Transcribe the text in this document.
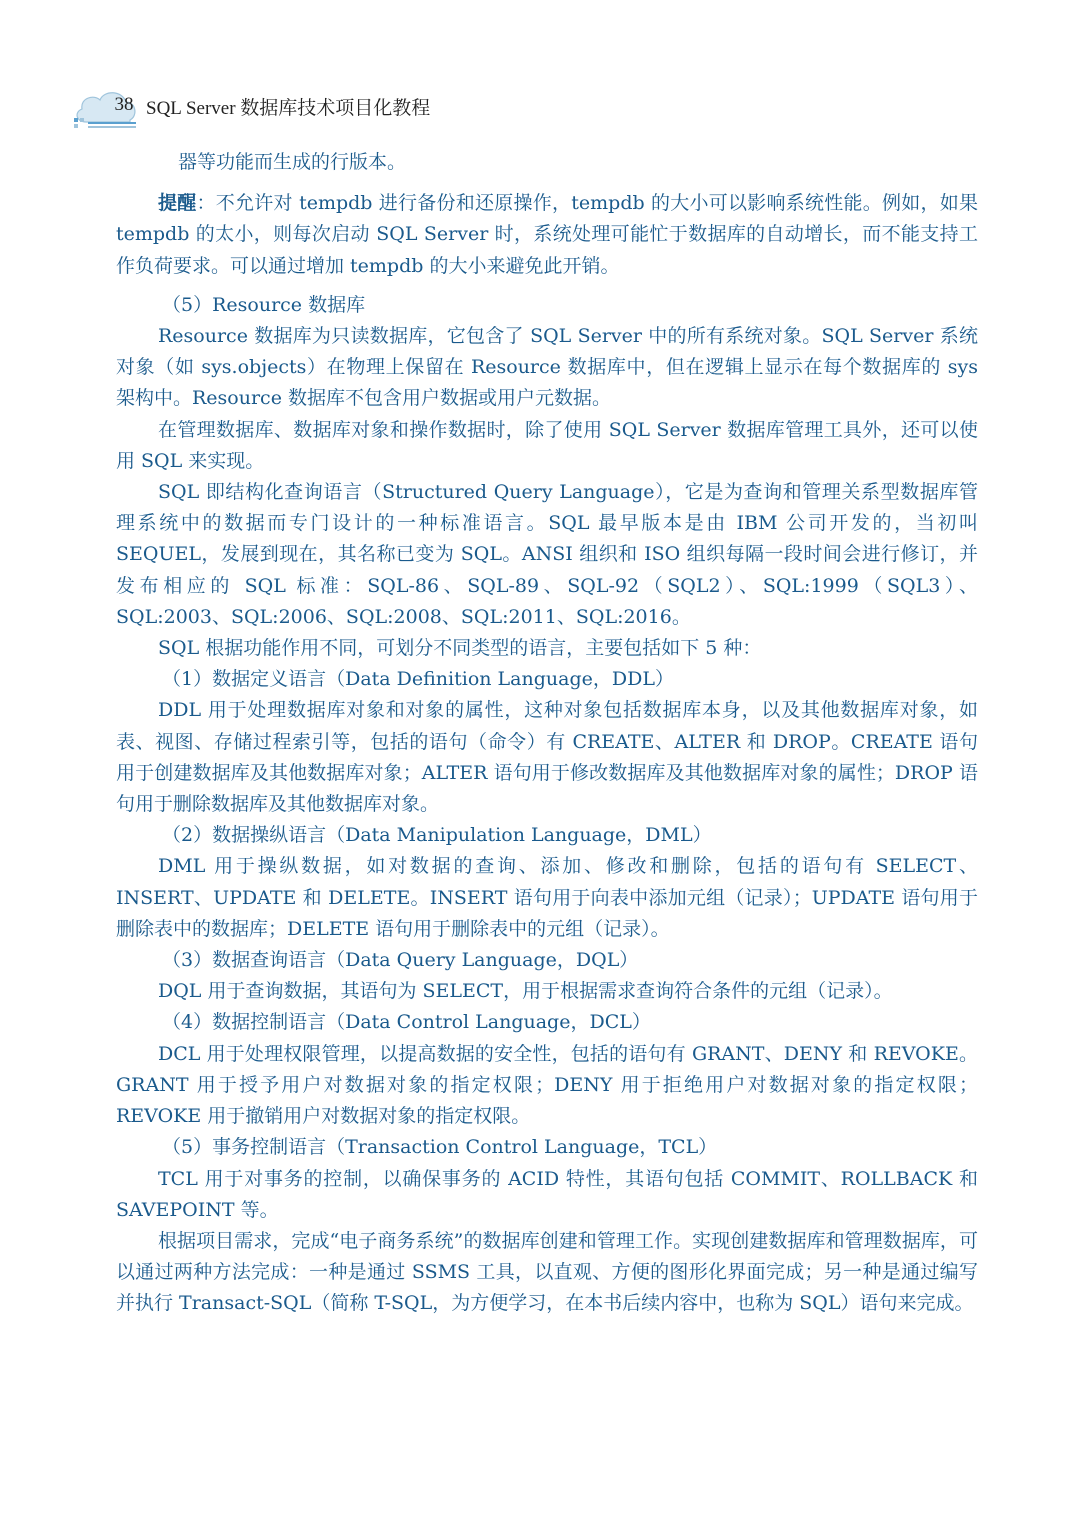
38 SQL Server 数据库技术项目化教程

器等功能而生成的行版本。

提醒：不允许对 tempdb 进行备份和还原操作，tempdb 的大小可以影响系统性能。例如，如果 tempdb 的太小，则每次启动 SQL Server 时，系统处理可能忙于数据库的自动增长，而不能支持工作负荷要求。可以通过增加 tempdb 的大小来避免此开销。

（5）Resource 数据库

Resource 数据库为只读数据库，它包含了 SQL Server 中的所有系统对象。SQL Server 系统对象（如 sys.objects）在物理上保留在 Resource 数据库中，但在逻辑上显示在每个数据库的 sys 架构中。Resource 数据库不包含用户数据或用户元数据。

在管理数据库、数据库对象和操作数据时，除了使用 SQL Server 数据库管理工具外，还可以使用 SQL 来实现。

SQL 即结构化查询语言（Structured Query Language），它是为查询和管理关系型数据库管理系统中的数据而专门设计的一种标准语言。SQL 最早版本是由 IBM 公司开发的，当初叫 SEQUEL，发展到现在，其名称已变为 SQL。ANSI 组织和 ISO 组织每隔一段时间会进行修订，并发布相应的 SQL 标准：SQL-86、SQL-89、SQL-92（SQL2）、SQL:1999（SQL3）、SQL:2003、SQL:2006、SQL:2008、SQL:2011、SQL:2016。

SQL 根据功能作用不同，可划分不同类型的语言，主要包括如下 5 种：

（1）数据定义语言（Data Definition Language，DDL）

DDL 用于处理数据库对象和对象的属性，这种对象包括数据库本身，以及其他数据库对象，如表、视图、存储过程索引等，包括的语句（命令）有 CREATE、ALTER 和 DROP。CREATE 语句用于创建数据库及其他数据库对象；ALTER 语句用于修改数据库及其他数据库对象的属性；DROP 语句用于删除数据库及其他数据库对象。

（2）数据操纵语言（Data Manipulation Language，DML）

DML 用于操纵数据，如对数据的查询、添加、修改和删除，包括的语句有 SELECT、INSERT、UPDATE 和 DELETE。INSERT 语句用于向表中添加元组（记录）；UPDATE 语句用于删除表中的数据库；DELETE 语句用于删除表中的元组（记录）。

（3）数据查询语言（Data Query Language，DQL）

DQL 用于查询数据，其语句为 SELECT，用于根据需求查询符合条件的元组（记录）。

（4）数据控制语言（Data Control Language，DCL）

DCL 用于处理权限管理，以提高数据的安全性，包括的语句有 GRANT、DENY 和 REVOKE。GRANT 用于授予用户对数据对象的指定权限；DENY 用于拒绝用户对数据对象的指定权限；REVOKE 用于撤销用户对数据对象的指定权限。

（5）事务控制语言（Transaction Control Language，TCL）

TCL 用于对事务的控制，以确保事务的 ACID 特性，其语句包括 COMMIT、ROLLBACK 和 SAVEPOINT 等。

根据项目需求，完成“电子商务系统”的数据库创建和管理工作。实现创建数据库和管理数据库，可以通过两种方法完成：一种是通过 SSMS 工具，以直观、方便的图形化界面完成；另一种是通过编写并执行 Transact-SQL（简称 T-SQL，为方便学习，在本书后续内容中，也称为 SQL）语句来完成。
